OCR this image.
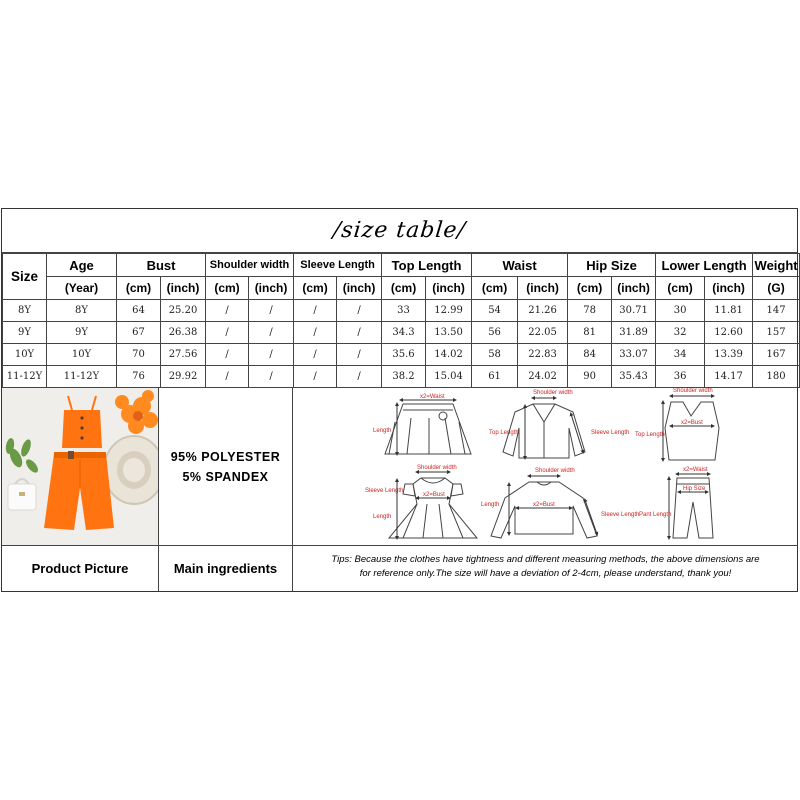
/size table/
Size	Age	Bust		Shoulder width		Sleeve Length		Top Length		Waist		Hip Size		Lower Length		Weight
	(Year)	(cm)	(inch)	(cm)	(inch)	(cm)	(inch)	(cm)	(inch)	(cm)	(inch)	(cm)	(inch)	(cm)	(inch)	(G)
8Y	8Y	64	25.20	/	/	/	/	33	12.99	54	21.26	78	30.71	30	11.81	147
9Y	9Y	67	26.38	/	/	/	/	34.3	13.50	56	22.05	81	31.89	32	12.60	157
10Y	10Y	70	27.56	/	/	/	/	35.6	14.02	58	22.83	84	33.07	34	13.39	167
11-12Y	11-12Y	76	29.92	/	/	/	/	38.2	15.04	61	24.02	90	35.43	36	14.17	180
95% POLYESTER
5% SPANDEX
x2=Waist
Length
Shoulder width
Top Length	Sleeve Length
Shoulder width
x2=Bust
Top Length
Shoulder width
x2=Bust
Sleeve Length
Length
Shoulder width
x2=Bust
Length
Sleeve Length
x2=Waist
Hip Size
Pant Length
Product Picture	Main ingredients
Tips: Because the clothes have tightness and different measuring methods, the above dimensions are
for reference only.The size will have a deviation of 2-4cm, please understand, thank you!
